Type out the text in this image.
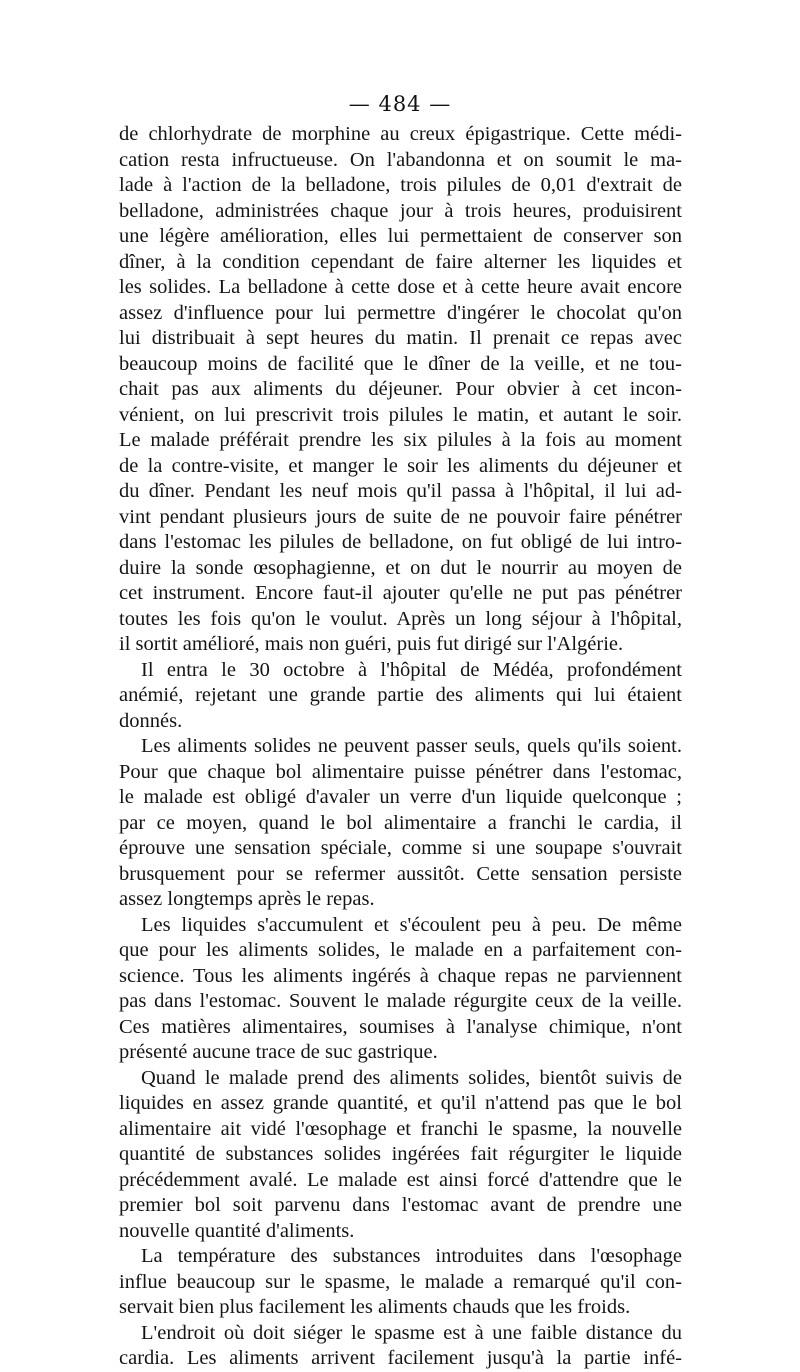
— 484 —
de chlorhydrate de morphine au creux épigastrique. Cette médi-
cation resta infructueuse. On l'abandonna et on soumit le ma-
lade à l'action de la belladone, trois pilules de 0,01 d'extrait de
belladone, administrées chaque jour à trois heures, produisirent
une légère amélioration, elles lui permettaient de conserver son
dîner, à la condition cependant de faire alterner les liquides et
les solides. La belladone à cette dose et à cette heure avait encore
assez d'influence pour lui permettre d'ingérer le chocolat qu'on
lui distribuait à sept heures du matin. Il prenait ce repas avec
beaucoup moins de facilité que le dîner de la veille, et ne tou-
chait pas aux aliments du déjeuner. Pour obvier à cet incon-
vénient, on lui prescrivit trois pilules le matin, et autant le soir.
Le malade préférait prendre les six pilules à la fois au moment
de la contre-visite, et manger le soir les aliments du déjeuner et
du dîner. Pendant les neuf mois qu'il passa à l'hôpital, il lui ad-
vint pendant plusieurs jours de suite de ne pouvoir faire pénétrer
dans l'estomac les pilules de belladone, on fut obligé de lui intro-
duire la sonde œsophagienne, et on dut le nourrir au moyen de
cet instrument. Encore faut-il ajouter qu'elle ne put pas pénétrer
toutes les fois qu'on le voulut. Après un long séjour à l'hôpital,
il sortit amélioré, mais non guéri, puis fut dirigé sur l'Algérie.
Il entra le 30 octobre à l'hôpital de Médéa, profondément
anémié, rejetant une grande partie des aliments qui lui étaient
donnés.
Les aliments solides ne peuvent passer seuls, quels qu'ils soient.
Pour que chaque bol alimentaire puisse pénétrer dans l'estomac,
le malade est obligé d'avaler un verre d'un liquide quelconque ;
par ce moyen, quand le bol alimentaire a franchi le cardia, il
éprouve une sensation spéciale, comme si une soupape s'ouvrait
brusquement pour se refermer aussitôt. Cette sensation persiste
assez longtemps après le repas.
Les liquides s'accumulent et s'écoulent peu à peu. De même
que pour les aliments solides, le malade en a parfaitement con-
science. Tous les aliments ingérés à chaque repas ne parviennent
pas dans l'estomac. Souvent le malade régurgite ceux de la veille.
Ces matières alimentaires, soumises à l'analyse chimique, n'ont
présenté aucune trace de suc gastrique.
Quand le malade prend des aliments solides, bientôt suivis de
liquides en assez grande quantité, et qu'il n'attend pas que le bol
alimentaire ait vidé l'œsophage et franchi le spasme, la nouvelle
quantité de substances solides ingérées fait régurgiter le liquide
précédemment avalé. Le malade est ainsi forcé d'attendre que le
premier bol soit parvenu dans l'estomac avant de prendre une
nouvelle quantité d'aliments.
La température des substances introduites dans l'œsophage
influe beaucoup sur le spasme, le malade a remarqué qu'il con-
servait bien plus facilement les aliments chauds que les froids.
L'endroit où doit siéger le spasme est à une faible distance du
cardia. Les aliments arrivent facilement jusqu'à la partie infé-
